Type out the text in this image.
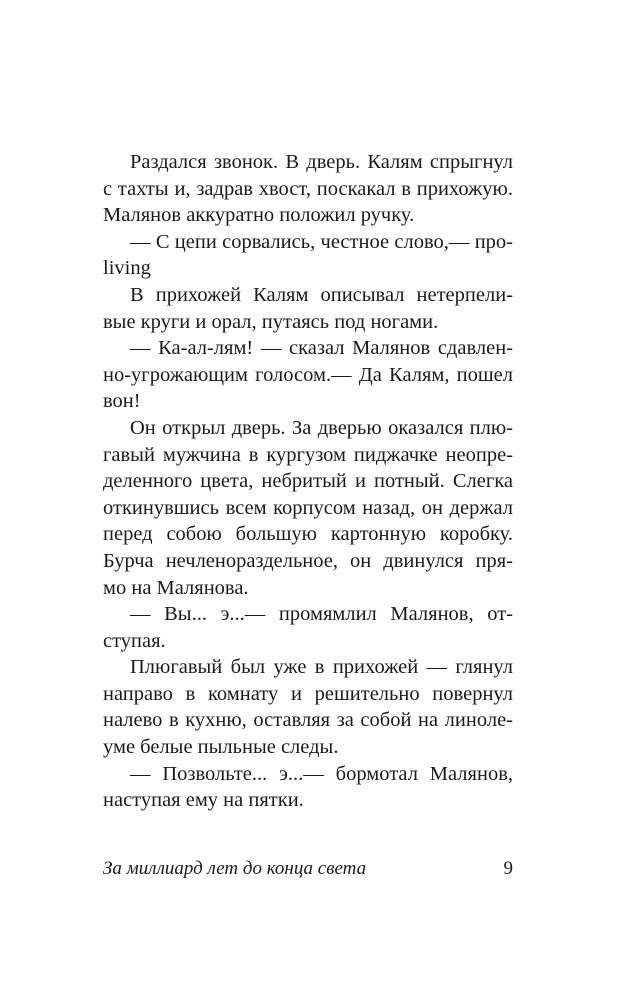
Раздался звонок. В дверь. Калям спрыгнул
с тахты и, задрав хвост, поскакал в прихожую.
Малянов аккуратно положил ручку.
— С цепи сорвались, честное слово,— про-
living
В прихожей Калям описывал нетерпели-
вые круги и орал, путаясь под ногами.
— Ка-ал-лям! — сказал Малянов сдавлен-
но-угрожающим голосом.— Да Калям, пошел
вон!
Он открыл дверь. За дверью оказался плю-
гавый мужчина в кургузом пиджачке неопре-
деленного цвета, небритый и потный. Слегка
откинувшись всем корпусом назад, он держал
перед собою большую картонную коробку.
Бурча нечленораздельное, он двинулся пря-
мо на Малянова.
— Вы... э...— промямлил Малянов, от-
ступая.
Плюгавый был уже в прихожей — глянул
направо в комнату и решительно повернул
налево в кухню, оставляя за собой на линоле-
уме белые пыльные следы.
— Позвольте... э...— бормотал Малянов,
наступая ему на пятки.
За миллиард лет до конца света	9
